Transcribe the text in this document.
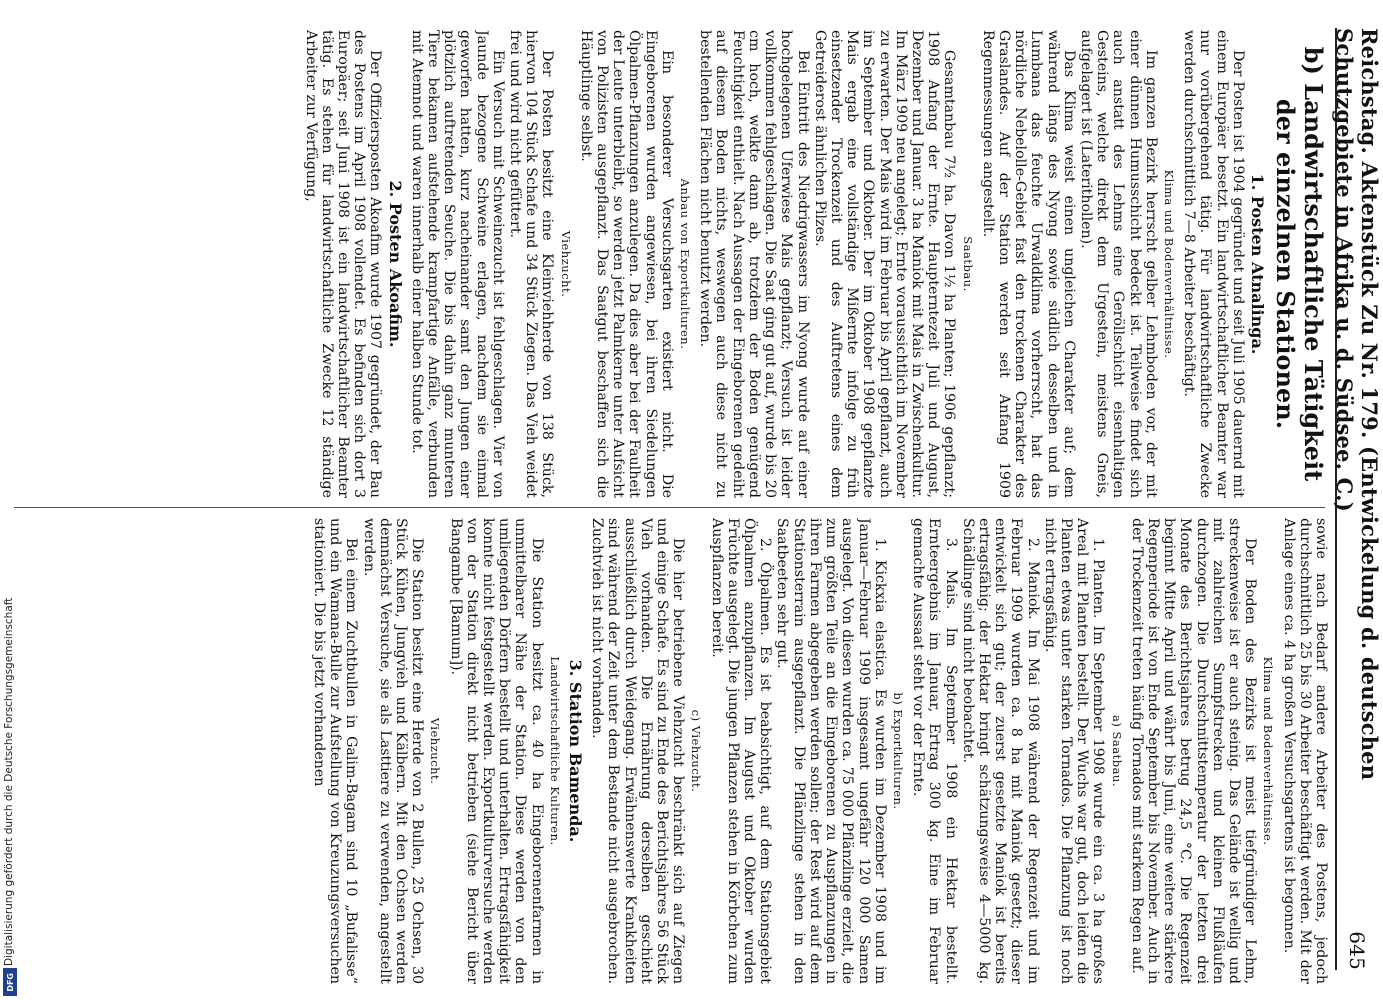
Reichstag. Aktenstück Zu Nr. 179. (Entwickelung d. deutschen Schutzgebiete in Afrika u. d. Südsee. C.)
645
b) Landwirtschaftliche Tätigkeit
der einzelnen Stationen.
1. Posten Atnalinga.

Der Posten ist 1904 gegründet und seit Juli 1905 dauernd mit einem Europäer besetzt. Ein landwirtschaftlicher Beamter war nur vorübergehend tätig. Für landwirtschaftliche Zwecke werden durchschnittlich 7—8 Arbeiter beschäftigt.

Klima und Bodenverhältnisse.

Im ganzen Bezirk herrscht gelber Lehmboden vor, der mit einer dünnen Humusschicht bedeckt ist. Teilweise findet sich auch anstatt des Lehms eine Geröllschicht eisenhaltigen Gesteins, welche direkt dem Urgestein, meistens Gneis, aufgelagert ist (Laterithollen).

Das Klima weist einen ungleichen Charakter auf; dem während längs des Nyong sowie südlich desselben und in Lumbana das feuchte Urwaldklima vorherrscht, hat das nördliche Nebelolle-Gebiet fast den trockenen Charakter des Graslandes. Auf der Station werden seit Anfang 1909 Regenmessungen angestellt.

Saatbau.

Gesamtanbau 7½ ha. Davon 1½ ha Planten; 1906 gepflanzt; 1908 Anfang der Ernte. Haupterntezeit Juli und August, Dezember und Januar. 3 ha Maniok mit Mais in Zwischenkultur. Im März 1909 neu angelegt; Ernte voraussichtlich im November zu erwarten. Der Mais wird im Februar bis April gepflanzt, auch im September und Oktober. Der im Oktober 1908 gepflanzte Mais ergab eine vollständige Mißernte infolge zu früh einsetzender Trockenzeit und des Auftretens eines dem Getreiderost ähnlichen Pilzes.

Bei Eintritt des Niedrigwassers im Nyong wurde auf einer hochgelegenen Uferwiese Mais gepflanzt; Versuch ist leider vollkommen fehlgeschlagen. Die Saat ging gut auf, wurde bis 20 cm hoch, welkte dann ab, trotzdem der Boden genügend Feuchtigkeit enthielt. Nach Aussagen der Eingeborenen gedeiht auf diesem Boden nichts, weswegen auch diese nicht zu bestellenden Flächen nicht benutzt werden.

Anbau von Exportkulturen.

Ein besonderer Versuchsgarten existiert nicht. Die Eingeborenen wurden angewiesen, bei ihren Siedelungen Ölpalmen-Pflanzungen anzulegen. Da dies aber bei der Faulheit der Leute unterbleibt, so werden jetzt Palmkerne unter Aufsicht von Polizisten ausgepflanzt. Das Saatgut beschaffen sich die Häuptlinge selbst.

Viehzucht.

Der Posten besitzt eine Kleinviehherde von 138 Stück, hiervon 104 Stück Schafe und 34 Stück Ziegen. Das Vieh weidet frei und wird nicht gefüttert.

Ein Versuch mit Schweinezucht ist fehlgeschlagen. Vier von Jaunde bezogene Schweine erlagen, nachdem sie einmal geworfen hatten, kurz nacheinander samt den Jungen einer plötzlich auftretenden Seuche. Die bis dahin ganz munteren Tiere bekamen aufstehende krampfartige Anfälle, verbunden mit Atemnot und waren innerhalb einer halben Stunde tot.

2. Posten Akoafim.

Der Offiziersposten Akoafim wurde 1907 gegründet, der Bau des Postens im April 1908 vollendet. Es befinden sich dort 3 Europäer; seit Juni 1908 ist ein landwirtschaftlicher Beamter tätig. Es stehen für landwirtschaftliche Zwecke 12 ständige Arbeiter zur Verfügung,

sowie nach Bedarf andere Arbeiter des Postens, jedoch durchschnittlich 25 bis 30 Arbeiter beschäftigt werden. Mit der Anlage eines ca. 4 ha großen Versuchsgartens ist begonnen.

Klima und Bodenverhältnisse.

Der Boden des Bezirks ist meist tiefgründiger Lehm, streckenweise ist er auch steinig. Das Gelände ist wellig und mit zahlreichen Sumpfstrecken und kleinen Flußläufen durchzogen. Die Durchschnittstemperatur der letzten drei Monate des Berichtsjahres betrug 24,5 °C. Die Regenzeit beginnt Mitte April und währt bis Juni, eine weitere stärkere Regenperiode ist von Ende September bis November. Auch in der Trockenzeit treten häufig Tornados mit starkem Regen auf.

a) Saatbau.

1. Planten. Im September 1908 wurde ein ca. 3 ha großes Areal mit Planten bestellt. Der Wuchs war gut, doch leiden die Planten etwas unter starken Tornados. Die Pflanzung ist noch nicht ertragsfähig.

2. Maniok. Im Mai 1908 während der Regenzeit und im Februar 1909 wurden ca. 8 ha mit Maniok gesetzt; dieser entwickelt sich gut; der zuerst gesetzte Maniok ist bereits ertragsfähig; der Hektar bringt schätzungsweise 4—5000 kg. Schädlinge sind nicht beobachtet.

3. Mais. Im September 1908 ein Hektar bestellt. Ernteergebnis im Januar, Ertrag 300 kg. Eine im Februar gemachte Aussaat steht vor der Ernte.

b) Exportkulturen.

1. Kickxia elastica. Es wurden im Dezember 1908 und im Januar—Februar 1909 insgesamt ungefähr 120 000 Samen ausgelegt. Von diesen wurden ca. 75 000 Pflänzlinge erzielt, die zum größten Teile an die Eingeborenen zu Auspflanzungen in ihren Farmen abgegeben werden sollen; der Rest wird auf dem Stationsterrain ausgepflanzt. Die Pflänzlinge stehen in den Saatbeeten sehr gut.

2. Ölpalmen. Es ist beabsichtigt, auf dem Stationsgebiet Ölpalmen anzupflanzen. Im August und Oktober wurden Früchte ausgelegt. Die jungen Pflanzen stehen in Körbchen zum Auspflanzen bereit.

c) Viehzucht.

Die hier betriebene Viehzucht beschränkt sich auf Ziegen und einige Schafe. Es sind zu Ende des Berichtsjahres 56 Stück Vieh vorhanden. Die Ernährung derselben geschieht ausschließlich durch Weidegang. Erwähnenswerte Krankheiten sind während der Zeit unter dem Bestande nicht ausgebrochen. Zuchtvieh ist nicht vorhanden.

3. Station Bamenda.
Landwirtschaftliche Kulturen.

Die Station besitzt ca. 40 ha Eingeborenenfarmen in unmittelbarer Nähe der Station. Diese werden von den umliegenden Dörfern bestellt und unterhalten. Ertragsfähigkeit konnte nicht festgestellt werden. Exportkulturversuche werden von der Station direkt nicht betrieben (siehe Bericht über Bangambe [Bamum]).

Viehzucht.

Die Station besitzt eine Herde von 2 Bullen, 25 Ochsen, 30 Stück Kühen, Jungvieh und Kälbern. Mit den Ochsen werden demnächst Versuche, sie als Lasttiere zu verwenden, angestellt werden.

Bei einem Zuchtbullen in Galim-Bagam sind 10 „Bufalisse“ und ein Wamana-Bulle zur Aufstellung von Kreuzungsversuchen stationiert. Die bis jetzt vorhandenen

Digitalisierung gefördert durch die Deutsche Forschungsgemeinschaft
DFG
